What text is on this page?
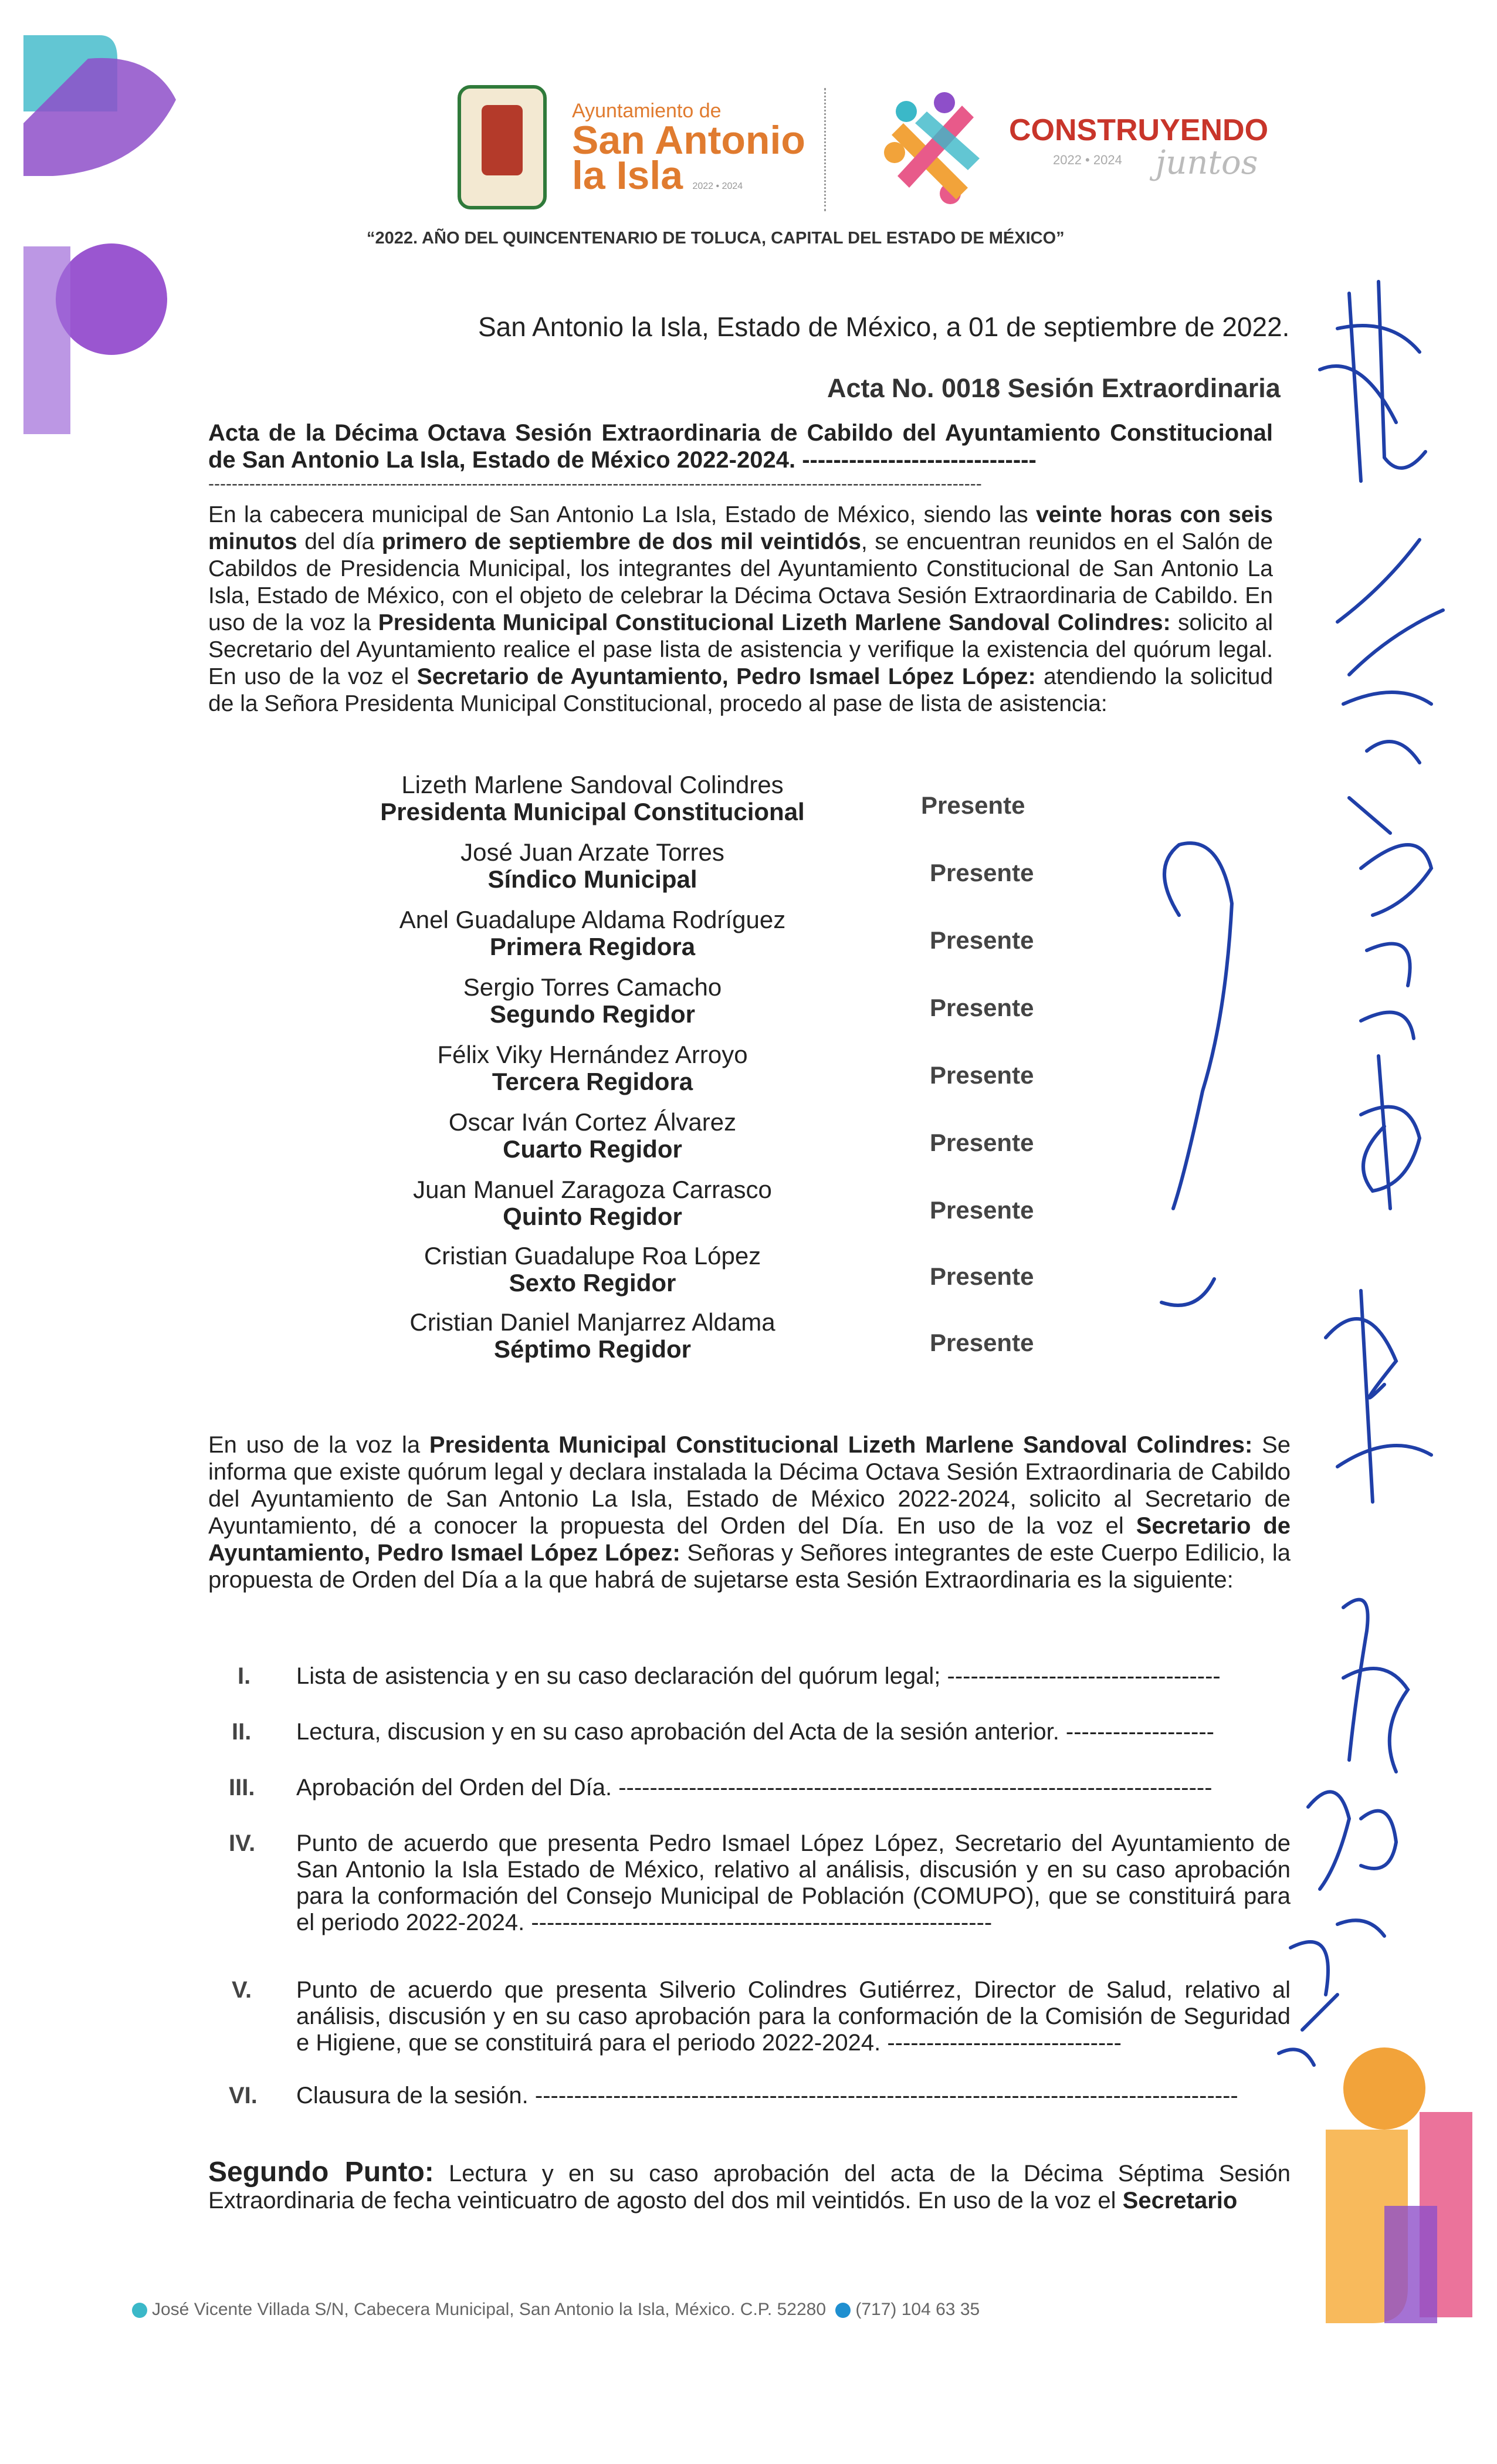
Ayuntamiento de
San Antonio
la Isla 2022 • 2024
CONSTRUYENDO
2022 • 2024 juntos
“2022. AÑO DEL QUINCENTENARIO DE TOLUCA, CAPITAL DEL ESTADO DE MÉXICO”
San Antonio la Isla, Estado de México, a 01 de septiembre de 2022.
Acta No. 0018 Sesión Extraordinaria
Acta de la Décima Octava Sesión Extraordinaria de Cabildo del Ayuntamiento Constitucional de San Antonio La Isla, Estado de México 2022-2024. ------------------------------
------------------------------------------------------------------------------------------------------------------------------------

En la cabecera municipal de San Antonio La Isla, Estado de México, siendo las veinte horas con seis minutos del día primero de septiembre de dos mil veintidós, se encuentran reunidos en el Salón de Cabildos de Presidencia Municipal, los integrantes del Ayuntamiento Constitucional de San Antonio La Isla, Estado de México, con el objeto de celebrar la Décima Octava Sesión Extraordinaria de Cabildo. En uso de la voz la Presidenta Municipal Constitucional Lizeth Marlene Sandoval Colindres: solicito al Secretario del Ayuntamiento realice el pase lista de asistencia y verifique la existencia del quórum legal. En uso de la voz el Secretario de Ayuntamiento, Pedro Ismael López López: atendiendo la solicitud de la Señora Presidenta Municipal Constitucional, procedo al pase de lista de asistencia:

Lizeth Marlene Sandoval Colindres
Presidenta Municipal Constitucional	Presente
José Juan Arzate Torres
Síndico Municipal	Presente
Anel Guadalupe Aldama Rodríguez
Primera Regidora	Presente
Sergio Torres Camacho
Segundo Regidor	Presente
Félix Viky Hernández Arroyo
Tercera Regidora	Presente
Oscar Iván Cortez Álvarez
Cuarto Regidor	Presente
Juan Manuel Zaragoza Carrasco
Quinto Regidor	Presente
Cristian Guadalupe Roa López
Sexto Regidor	Presente
Cristian Daniel Manjarrez Aldama
Séptimo Regidor	Presente

En uso de la voz la Presidenta Municipal Constitucional Lizeth Marlene Sandoval Colindres: Se informa que existe quórum legal y declara instalada la Décima Octava Sesión Extraordinaria de Cabildo del Ayuntamiento de San Antonio La Isla, Estado de México 2022-2024, solicito al Secretario de Ayuntamiento, dé a conocer la propuesta del Orden del Día. En uso de la voz el Secretario de Ayuntamiento, Pedro Ismael López López: Señoras y Señores integrantes de este Cuerpo Edilicio, la propuesta de Orden del Día a la que habrá de sujetarse esta Sesión Extraordinaria es la siguiente:

I. Lista de asistencia y en su caso declaración del quórum legal; -----------------------------------
II. Lectura, discusion y en su caso aprobación del Acta de la sesión anterior. -------------------
III. Aprobación del Orden del Día. ----------------------------------------------------------------------------
IV. Punto de acuerdo que presenta Pedro Ismael López López, Secretario del Ayuntamiento de San Antonio la Isla Estado de México, relativo al análisis, discusión y en su caso aprobación para la conformación del Consejo Municipal de Población (COMUPO), que se constituirá para el periodo 2022-2024. -----------------------------------------------------------
V. Punto de acuerdo que presenta Silverio Colindres Gutiérrez, Director de Salud, relativo al análisis, discusión y en su caso aprobación para la conformación de la Comisión de Seguridad e Higiene, que se constituirá para el periodo 2022-2024. ------------------------------
VI. Clausura de la sesión. ------------------------------------------------------------------------------------------

Segundo Punto: Lectura y en su caso aprobación del acta de la Décima Séptima Sesión Extraordinaria de fecha veinticuatro de agosto del dos mil veintidós. En uso de la voz el Secretario

José Vicente Villada S/N, Cabecera Municipal, San Antonio la Isla, México. C.P. 52280 (717) 104 63 35
